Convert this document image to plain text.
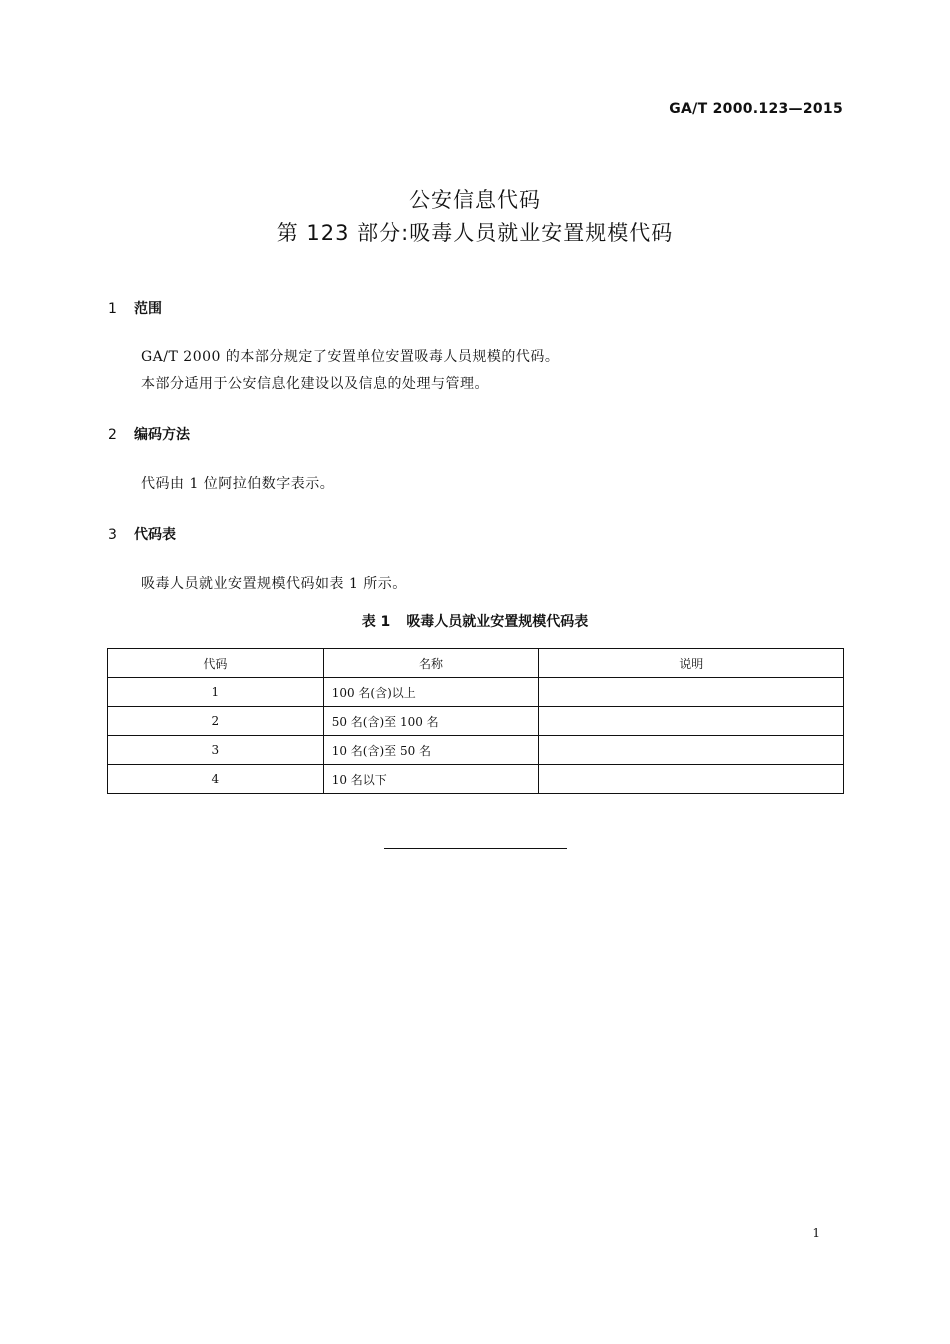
GA/T 2000.123—2015
公安信息代码
第 123 部分:吸毒人员就业安置规模代码
1 范围
GA/T 2000 的本部分规定了安置单位安置吸毒人员规模的代码。
本部分适用于公安信息化建设以及信息的处理与管理。
2 编码方法
代码由 1 位阿拉伯数字表示。
3 代码表
吸毒人员就业安置规模代码如表 1 所示。
表 1 吸毒人员就业安置规模代码表
代码	名称	说明
1	100 名(含)以上	
2	50 名(含)至 100 名	
3	10 名(含)至 50 名	
4	10 名以下	
1
